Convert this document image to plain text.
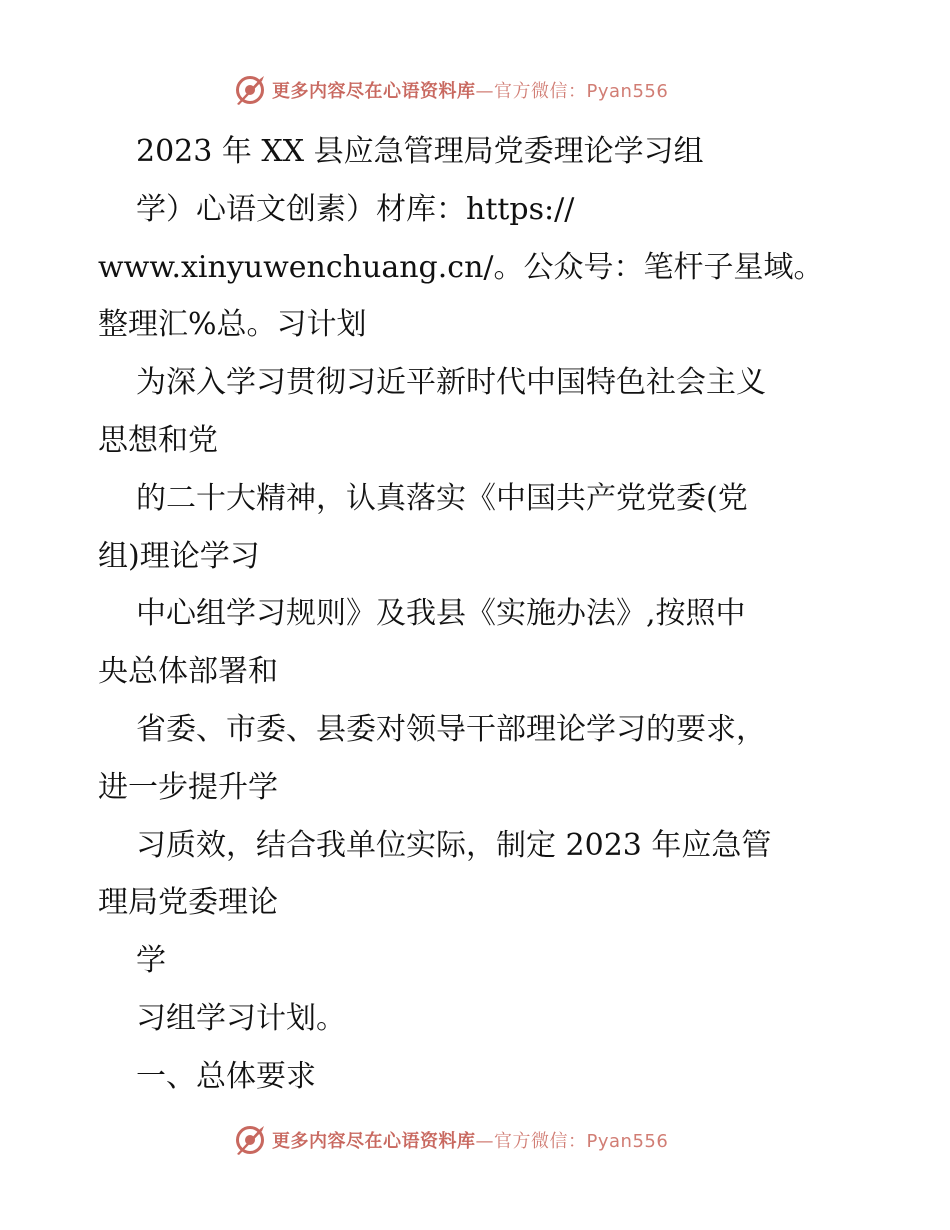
更多内容尽在心语资料库 —官方微信：Pyan556
2023 年 XX 县应急管理局党委理论学习组
学）心语文创素）材库：https://
www.xinyuwenchuang.cn/。公众号：笔杆子星域。
整理汇%总。习计划
为深入学习贯彻习近平新时代中国特色社会主义
思想和党
的二十大精神，认真落实《中国共产党党委(党
组)理论学习
中心组学习规则》及我县《实施办法》,按照中
央总体部署和
省委、市委、县委对领导干部理论学习的要求，
进一步提升学
习质效，结合我单位实际，制定 2023 年应急管
理局党委理论
学
习组学习计划。
一、总体要求
更多内容尽在心语资料库 —官方微信：Pyan556
